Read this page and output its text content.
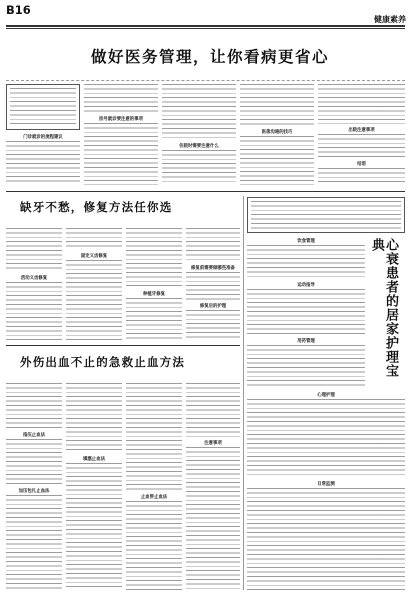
B16
健康素养
做好医务管理，让你看病更省心
门诊就诊的流程建议
挂号就诊要注意的事项
住院时需要注意什么
医患沟通的技巧	出院注意事项
结语
缺牙不愁，修复方法任你选
活动义齿修复
固定义齿修复
种植牙修复
修复前需要做哪些准备
修复后的护理
外伤出血不止的急救止血方法
指压止血法
加压包扎止血法
填塞止血法
止血带止血法
注意事项
心衰患者的居家护理宝典
饮食管理
运动指导
用药管理
心理护理
日常监测
